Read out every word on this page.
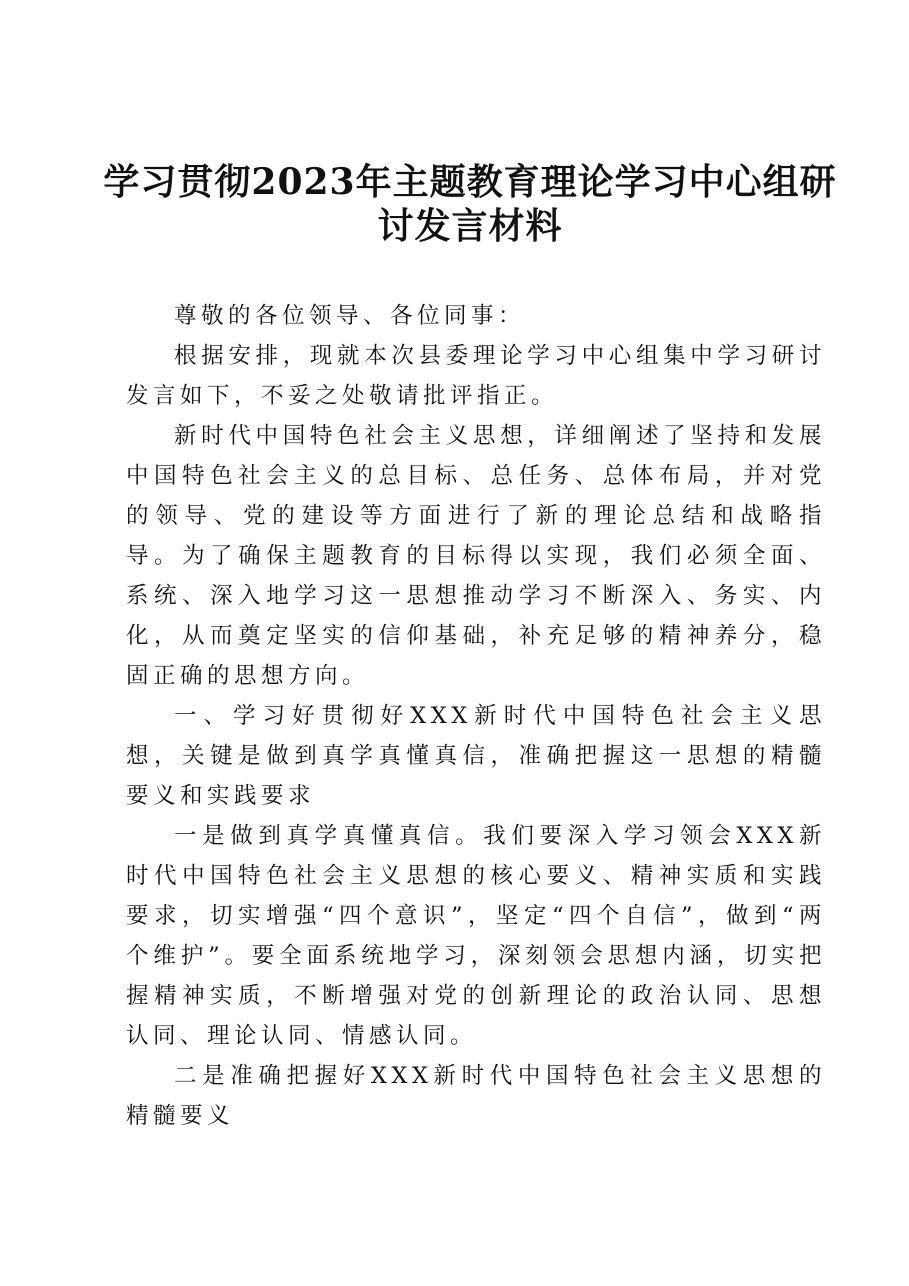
学习贯彻2023年主题教育理论学习中心组研讨发言材料

尊敬的各位领导、各位同事：

根据安排，现就本次县委理论学习中心组集中学习研讨发言如下，不妥之处敬请批评指正。

新时代中国特色社会主义思想，详细阐述了坚持和发展中国特色社会主义的总目标、总任务、总体布局，并对党的领导、党的建设等方面进行了新的理论总结和战略指导。为了确保主题教育的目标得以实现，我们必须全面、系统、深入地学习这一思想推动学习不断深入、务实、内化，从而奠定坚实的信仰基础，补充足够的精神养分，稳固正确的思想方向。

一、学习好贯彻好XXX新时代中国特色社会主义思想，关键是做到真学真懂真信，准确把握这一思想的精髓要义和实践要求

一是做到真学真懂真信。我们要深入学习领会XXX新时代中国特色社会主义思想的核心要义、精神实质和实践要求，切实增强“四个意识”，坚定“四个自信”，做到“两个维护”。要全面系统地学习，深刻领会思想内涵，切实把握精神实质，不断增强对党的创新理论的政治认同、思想认同、理论认同、情感认同。

二是准确把握好XXX新时代中国特色社会主义思想的精髓要义
